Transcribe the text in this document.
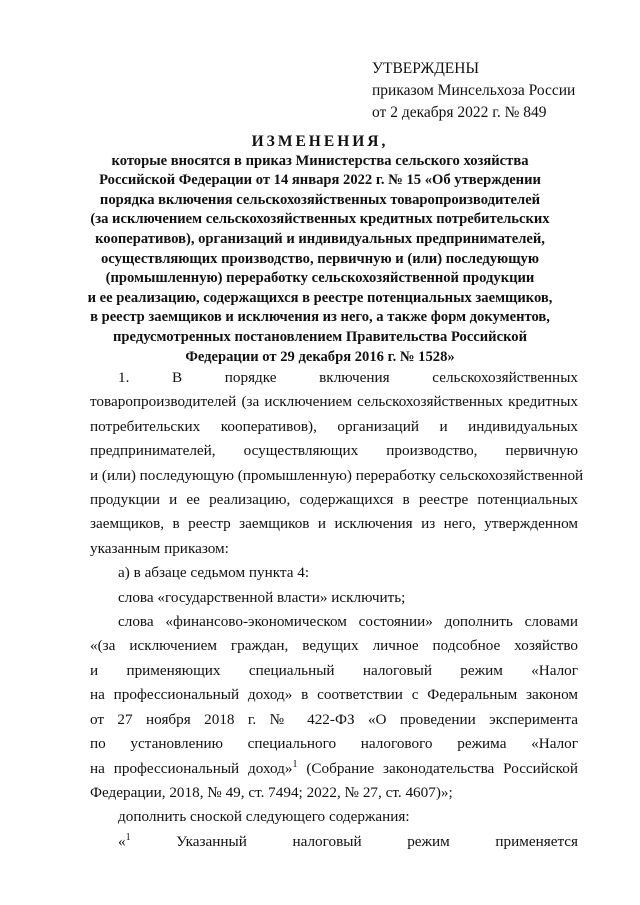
УТВЕРЖДЕНЫ
приказом Минсельхоза России
от 2 декабря 2022 г. № 849
ИЗМЕНЕНИЯ,
которые вносятся в приказ Министерства сельского хозяйства
Российской Федерации от 14 января 2022 г. № 15 «Об утверждении
порядка включения сельскохозяйственных товаропроизводителей
(за исключением сельскохозяйственных кредитных потребительских
кооперативов), организаций и индивидуальных предпринимателей,
осуществляющих производство, первичную и (или) последующую
(промышленную) переработку сельскохозяйственной продукции
и ее реализацию, содержащихся в реестре потенциальных заемщиков,
в реестр заемщиков и исключения из него, а также форм документов,
предусмотренных постановлением Правительства Российской
Федерации от 29 декабря 2016 г. № 1528»
1. В порядке включения сельскохозяйственных
товаропроизводителей (за исключением сельскохозяйственных кредитных
потребительских кооперативов), организаций и индивидуальных
предпринимателей, осуществляющих производство, первичную
и (или) последующую (промышленную) переработку сельскохозяйственной
продукции и ее реализацию, содержащихся в реестре потенциальных
заемщиков, в реестр заемщиков и исключения из него, утвержденном
указанным приказом:
а) в абзаце седьмом пункта 4:
слова «государственной власти» исключить;
слова «финансово-экономическом состоянии» дополнить словами
«(за исключением граждан, ведущих личное подсобное хозяйство
и применяющих специальный налоговый режим «Налог
на профессиональный доход» в соответствии с Федеральным законом
от 27 ноября 2018 г. № 422-ФЗ «О проведении эксперимента
по установлению специального налогового режима «Налог
на профессиональный доход»$^1$ (Собрание законодательства Российской
Федерации, 2018, № 49, ст. 7494; 2022, № 27, ст. 4607)»;
дополнить сноской следующего содержания:
«$^1$ Указанный налоговый режим применяется
